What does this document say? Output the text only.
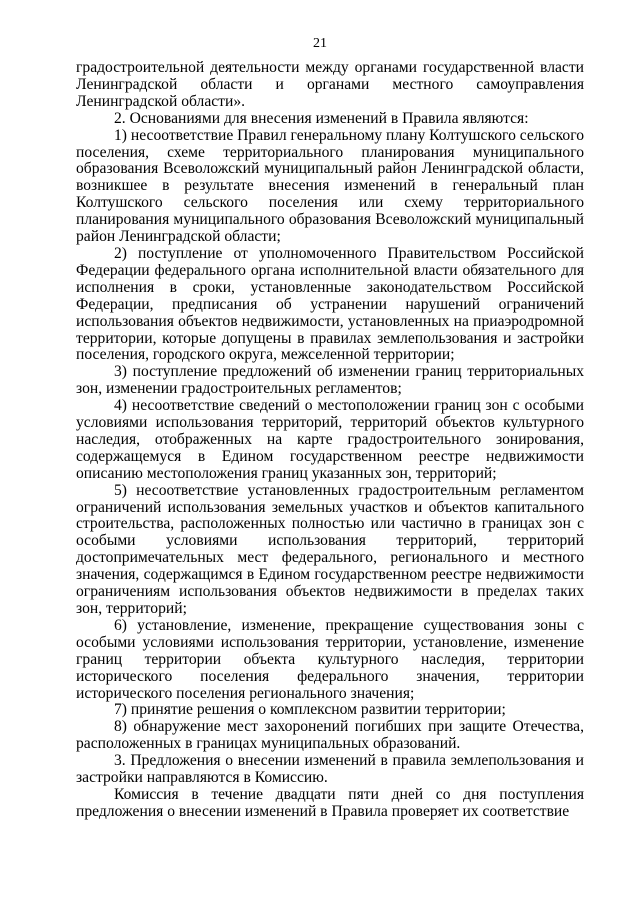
21

градостроительной деятельности между органами государственной власти Ленинградской области и органами местного самоуправления Ленинградской области».

2. Основаниями для внесения изменений в Правила являются:

1) несоответствие Правил генеральному плану Колтушского сельского поселения, схеме территориального планирования муниципального образования Всеволожский муниципальный район Ленинградской области, возникшее в результате внесения изменений в генеральный план Колтушского сельского поселения или схему территориального планирования муниципального образования Всеволожский муниципальный район Ленинградской области;

2) поступление от уполномоченного Правительством Российской Федерации федерального органа исполнительной власти обязательного для исполнения в сроки, установленные законодательством Российской Федерации, предписания об устранении нарушений ограничений использования объектов недвижимости, установленных на приаэродромной территории, которые допущены в правилах землепользования и застройки поселения, городского округа, межселенной территории;

3) поступление предложений об изменении границ территориальных зон, изменении градостроительных регламентов;

4) несоответствие сведений о местоположении границ зон с особыми условиями использования территорий, территорий объектов культурного наследия, отображенных на карте градостроительного зонирования, содержащемуся в Едином государственном реестре недвижимости описанию местоположения границ указанных зон, территорий;

5) несоответствие установленных градостроительным регламентом ограничений использования земельных участков и объектов капитального строительства, расположенных полностью или частично в границах зон с особыми условиями использования территорий, территорий достопримечательных мест федерального, регионального и местного значения, содержащимся в Едином государственном реестре недвижимости ограничениям использования объектов недвижимости в пределах таких зон, территорий;

6) установление, изменение, прекращение существования зоны с особыми условиями использования территории, установление, изменение границ территории объекта культурного наследия, территории исторического поселения федерального значения, территории исторического поселения регионального значения;

7) принятие решения о комплексном развитии территории;

8) обнаружение мест захоронений погибших при защите Отечества, расположенных в границах муниципальных образований.

3. Предложения о внесении изменений в правила землепользования и застройки направляются в Комиссию.

Комиссия в течение двадцати пяти дней со дня поступления предложения о внесении изменений в Правила проверяет их соответствие
